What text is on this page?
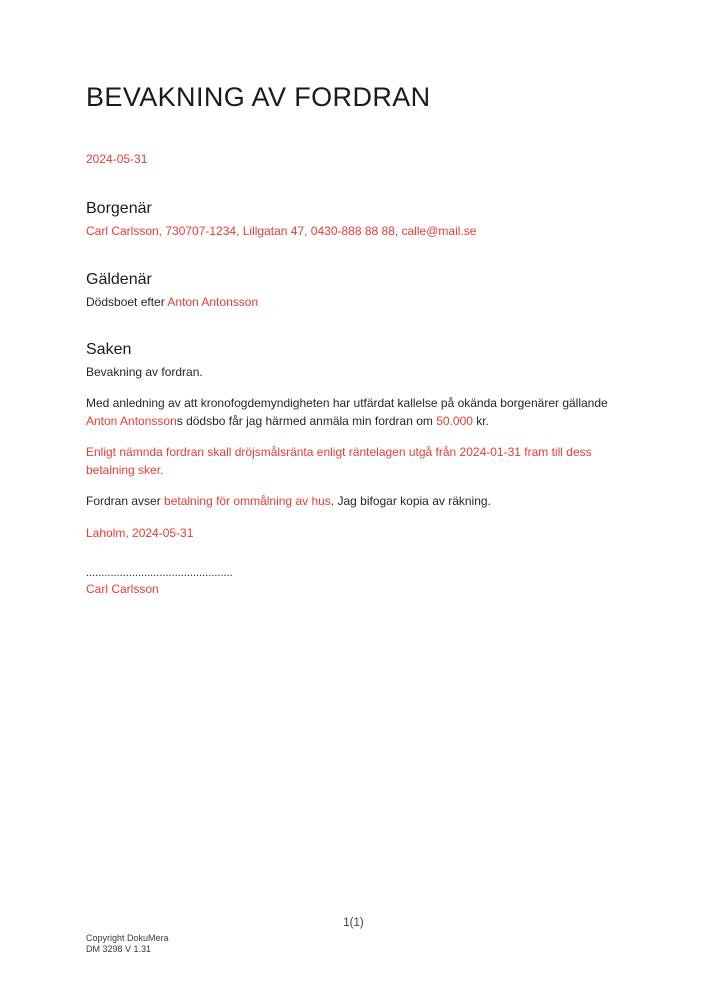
BEVAKNING AV FORDRAN

2024-05-31

Borgenär

Carl Carlsson, 730707-1234, Lillgatan 47, 0430-888 88 88, calle@mail.se

Gäldenär

Dödsboet efter Anton Antonsson

Saken

Bevakning av fordran.

Med anledning av att kronofogdemyndigheten har utfärdat kallelse på okända borgenärer gällande Anton Antonssons dödsbo får jag härmed anmäla min fordran om 50.000 kr.

Enligt nämnda fordran skall dröjsmålsränta enligt räntelagen utgå från 2024-01-31 fram till dess betalning sker.

Fordran avser betalning för ommålning av hus. Jag bifogar kopia av räkning.

Laholm, 2024-05-31

................................................
Carl Carlsson
1(1)
Copyright DokuMera
DM 3298 V 1.31
